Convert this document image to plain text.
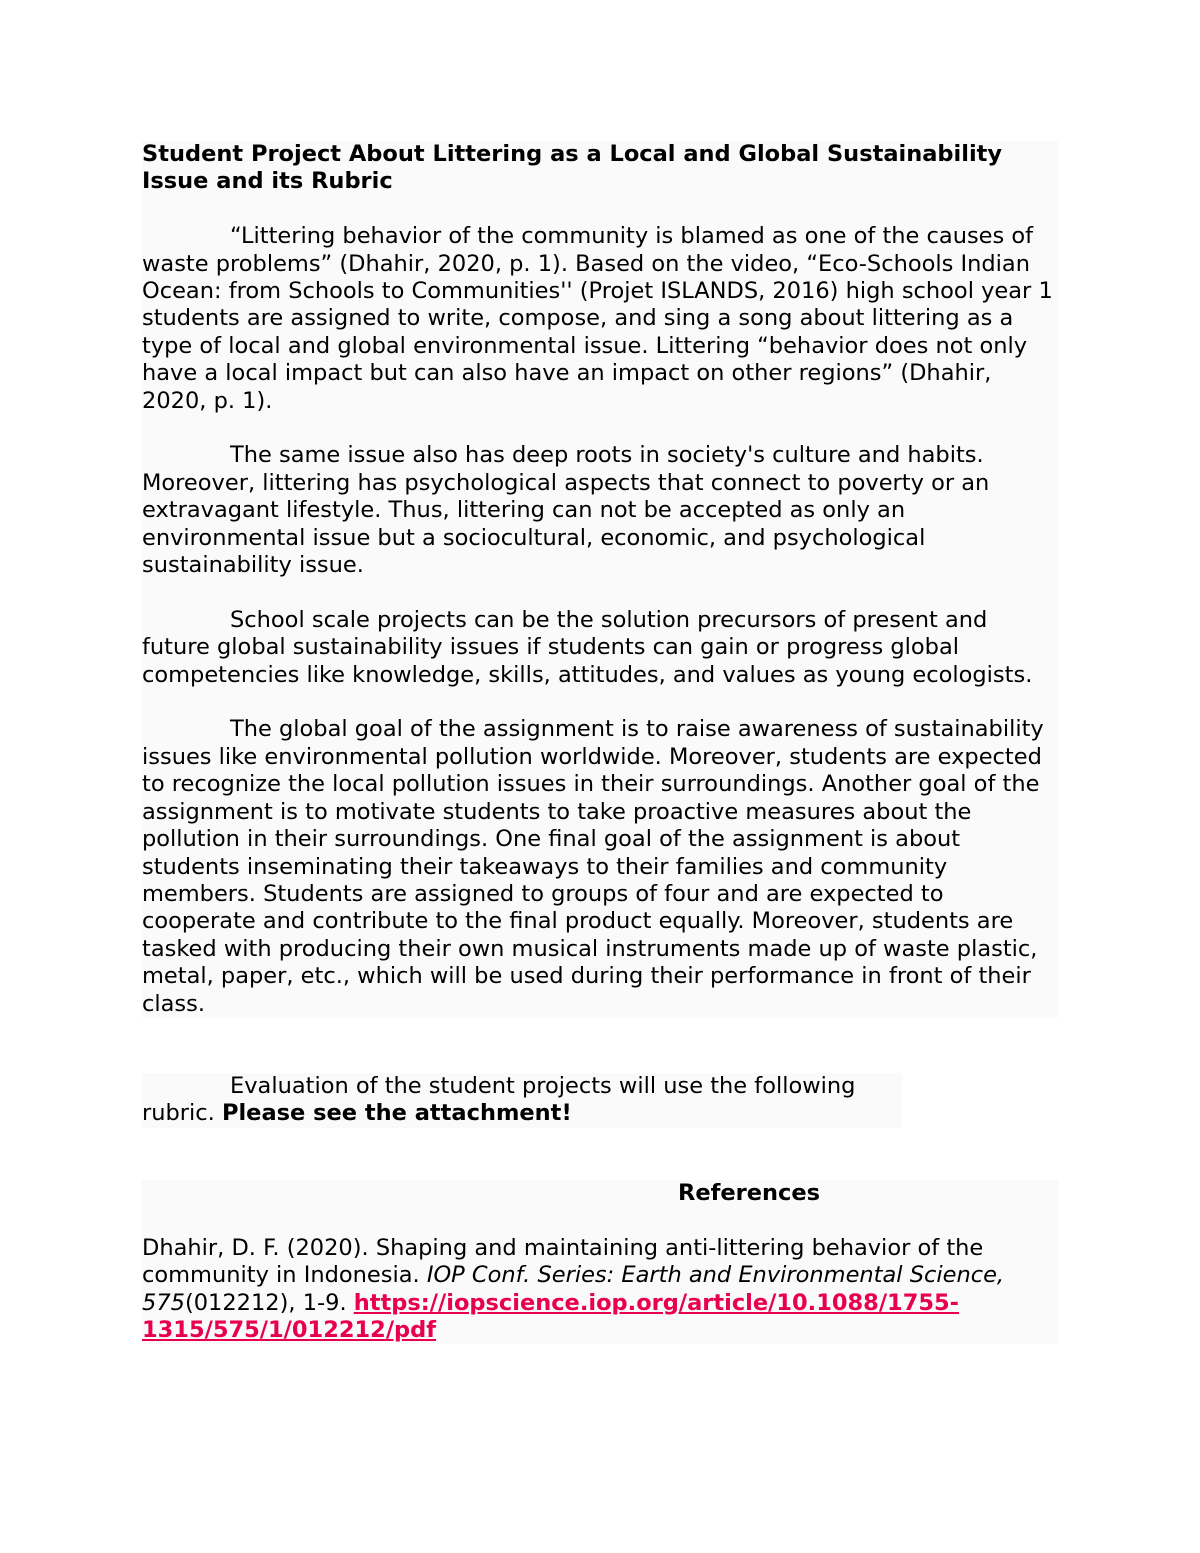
Student Project About Littering as a Local and Global Sustainability Issue and its Rubric

“Littering behavior of the community is blamed as one of the causes of waste problems” (Dhahir, 2020, p. 1). Based on the video, “Eco-Schools Indian Ocean: from Schools to Communities'' (Projet ISLANDS, 2016) high school year 1 students are assigned to write, compose, and sing a song about littering as a type of local and global environmental issue. Littering “behavior does not only have a local impact but can also have an impact on other regions” (Dhahir, 2020, p. 1).

The same issue also has deep roots in society's culture and habits. Moreover, littering has psychological aspects that connect to poverty or an extravagant lifestyle. Thus, littering can not be accepted as only an environmental issue but a sociocultural, economic, and psychological sustainability issue.

School scale projects can be the solution precursors of present and future global sustainability issues if students can gain or progress global competencies like knowledge, skills, attitudes, and values as young ecologists.

The global goal of the assignment is to raise awareness of sustainability issues like environmental pollution worldwide. Moreover, students are expected to recognize the local pollution issues in their surroundings. Another goal of the assignment is to motivate students to take proactive measures about the pollution in their surroundings. One final goal of the assignment is about students inseminating their takeaways to their families and community members. Students are assigned to groups of four and are expected to cooperate and contribute to the final product equally. Moreover, students are tasked with producing their own musical instruments made up of waste plastic, metal, paper, etc., which will be used during their performance in front of their class.

Evaluation of the student projects will use the following rubric. Please see the attachment!

References

Dhahir, D. F. (2020). Shaping and maintaining anti-littering behavior of the community in Indonesia. IOP Conf. Series: Earth and Environmental Science, 575(012212), 1-9. https://iopscience.iop.org/article/10.1088/1755-1315/575/1/012212/pdf
